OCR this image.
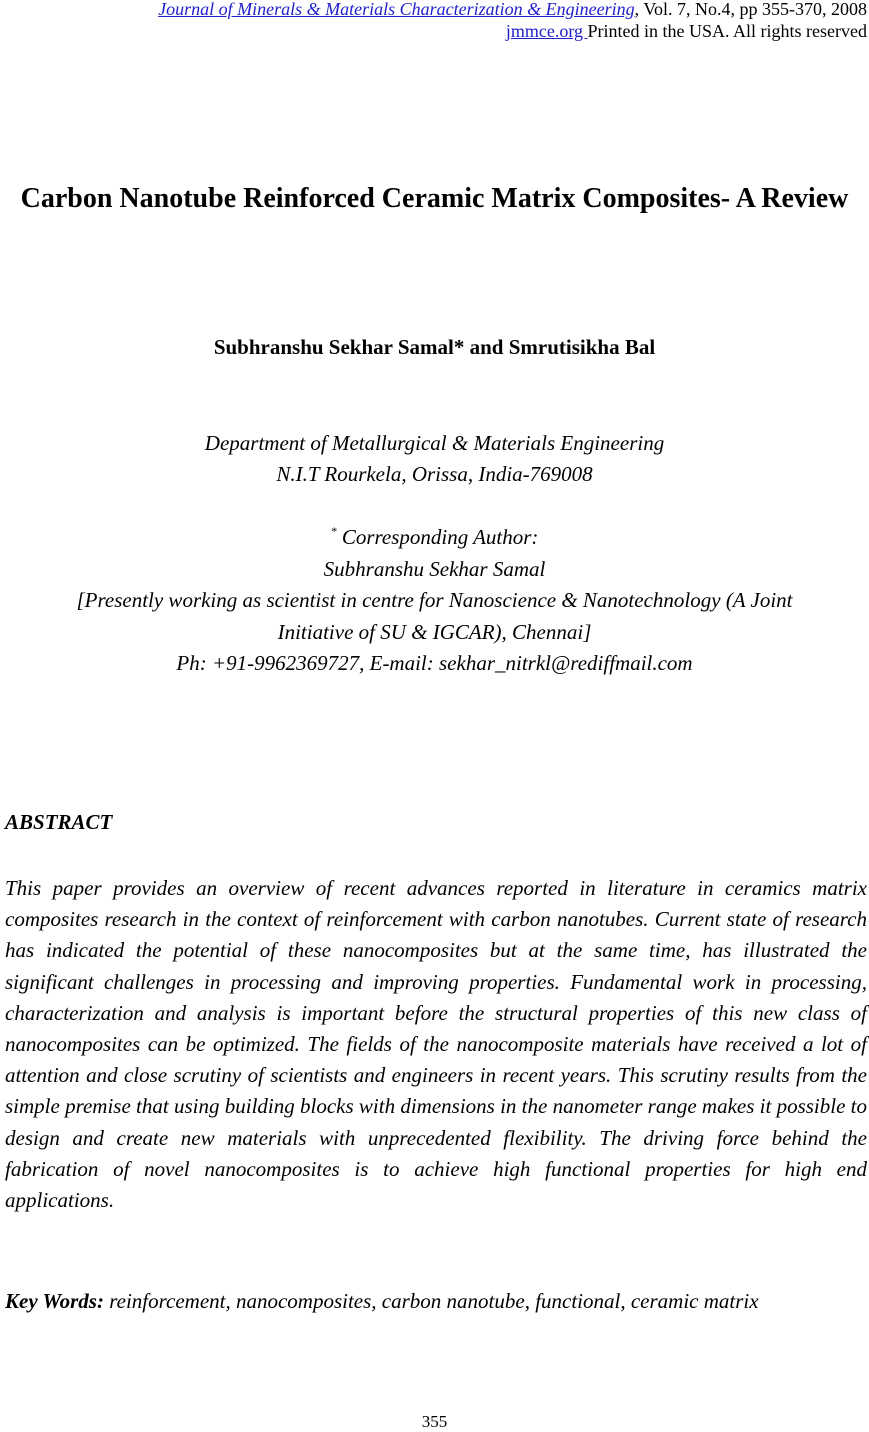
Journal of Minerals & Materials Characterization & Engineering, Vol. 7, No.4, pp 355-370, 2008
jmmce.org Printed in the USA. All rights reserved
Carbon Nanotube Reinforced Ceramic Matrix Composites- A Review
Subhranshu Sekhar Samal* and Smrutisikha Bal
Department of Metallurgical & Materials Engineering
N.I.T Rourkela, Orissa, India-769008
* Corresponding Author:
Subhranshu Sekhar Samal
[Presently working as scientist in centre for Nanoscience & Nanotechnology (A Joint
Initiative of SU & IGCAR), Chennai]
Ph: +91-9962369727, E-mail: sekhar_nitrkl@rediffmail.com
ABSTRACT

This paper provides an overview of recent advances reported in literature in ceramics matrix composites research in the context of reinforcement with carbon nanotubes. Current state of research has indicated the potential of these nanocomposites but at the same time, has illustrated the significant challenges in processing and improving properties. Fundamental work in processing, characterization and analysis is important before the structural properties of this new class of nanocomposites can be optimized. The fields of the nanocomposite materials have received a lot of attention and close scrutiny of scientists and engineers in recent years. This scrutiny results from the simple premise that using building blocks with dimensions in the nanometer range makes it possible to design and create new materials with unprecedented flexibility. The driving force behind the fabrication of novel nanocomposites is to achieve high functional properties for high end applications.

Key Words: reinforcement, nanocomposites, carbon nanotube, functional, ceramic matrix

355
